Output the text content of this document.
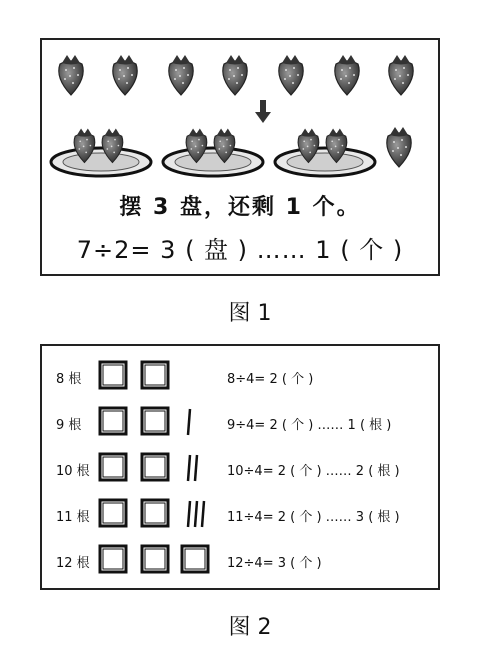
摆 3 盘，还剩 1 个。
7÷2= 3 ( 盘 ) …… 1 ( 个 )
图 1
8 根	8÷4= 2 ( 个 )
9 根	9÷4= 2 ( 个 ) …… 1 ( 根 )
10 根	10÷4= 2 ( 个 ) …… 2 ( 根 )
11 根	11÷4= 2 ( 个 ) …… 3 ( 根 )
12 根	12÷4= 3 ( 个 )
图 2
